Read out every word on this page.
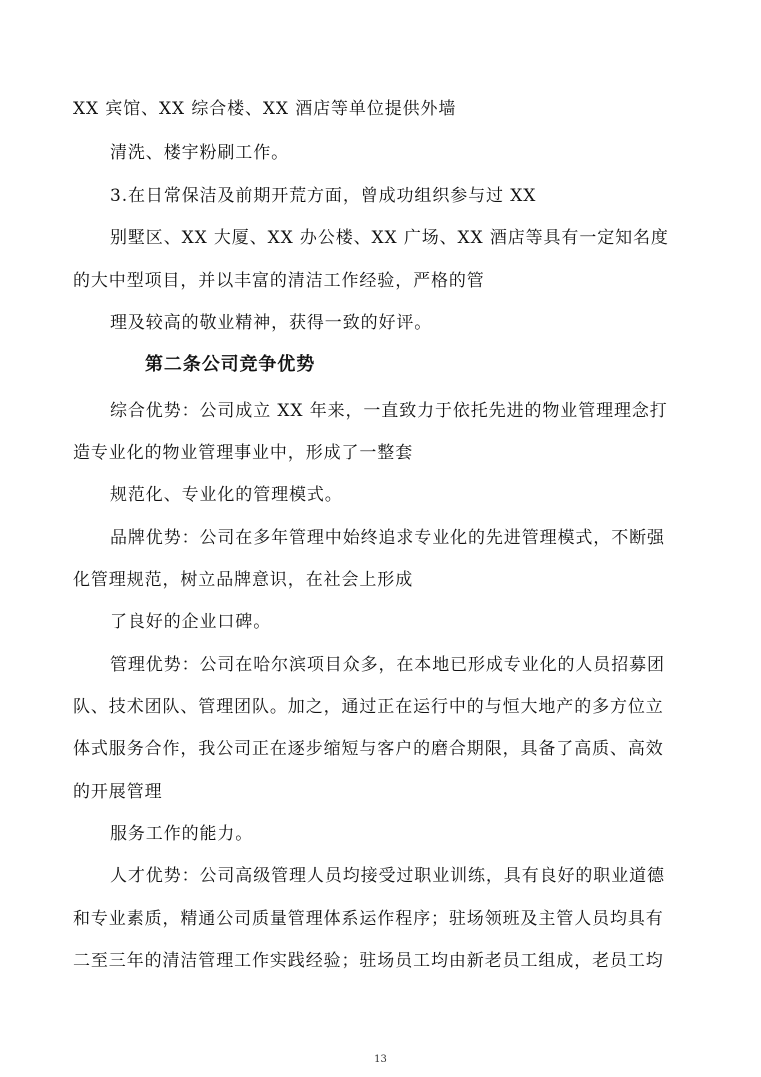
XX 宾馆、XX 综合楼、XX 酒店等单位提供外墙
清洗、楼宇粉刷工作。
3.在日常保洁及前期开荒方面，曾成功组织参与过 XX
别墅区、XX 大厦、XX 办公楼、XX 广场、XX 酒店等具有一定知名度
的大中型项目，并以丰富的清洁工作经验，严格的管
理及较高的敬业精神，获得一致的好评。
第二条公司竞争优势
综合优势：公司成立 XX 年来，一直致力于依托先进的物业管理理念打
造专业化的物业管理事业中，形成了一整套
规范化、专业化的管理模式。
品牌优势：公司在多年管理中始终追求专业化的先进管理模式，不断强
化管理规范，树立品牌意识，在社会上形成
了良好的企业口碑。
管理优势：公司在哈尔滨项目众多，在本地已形成专业化的人员招募团
队、技术团队、管理团队。加之，通过正在运行中的与恒大地产的多方位立
体式服务合作，我公司正在逐步缩短与客户的磨合期限，具备了高质、高效
的开展管理
服务工作的能力。
人才优势：公司高级管理人员均接受过职业训练，具有良好的职业道德
和专业素质，精通公司质量管理体系运作程序；驻场领班及主管人员均具有
二至三年的清洁管理工作实践经验；驻场员工均由新老员工组成，老员工均
13
